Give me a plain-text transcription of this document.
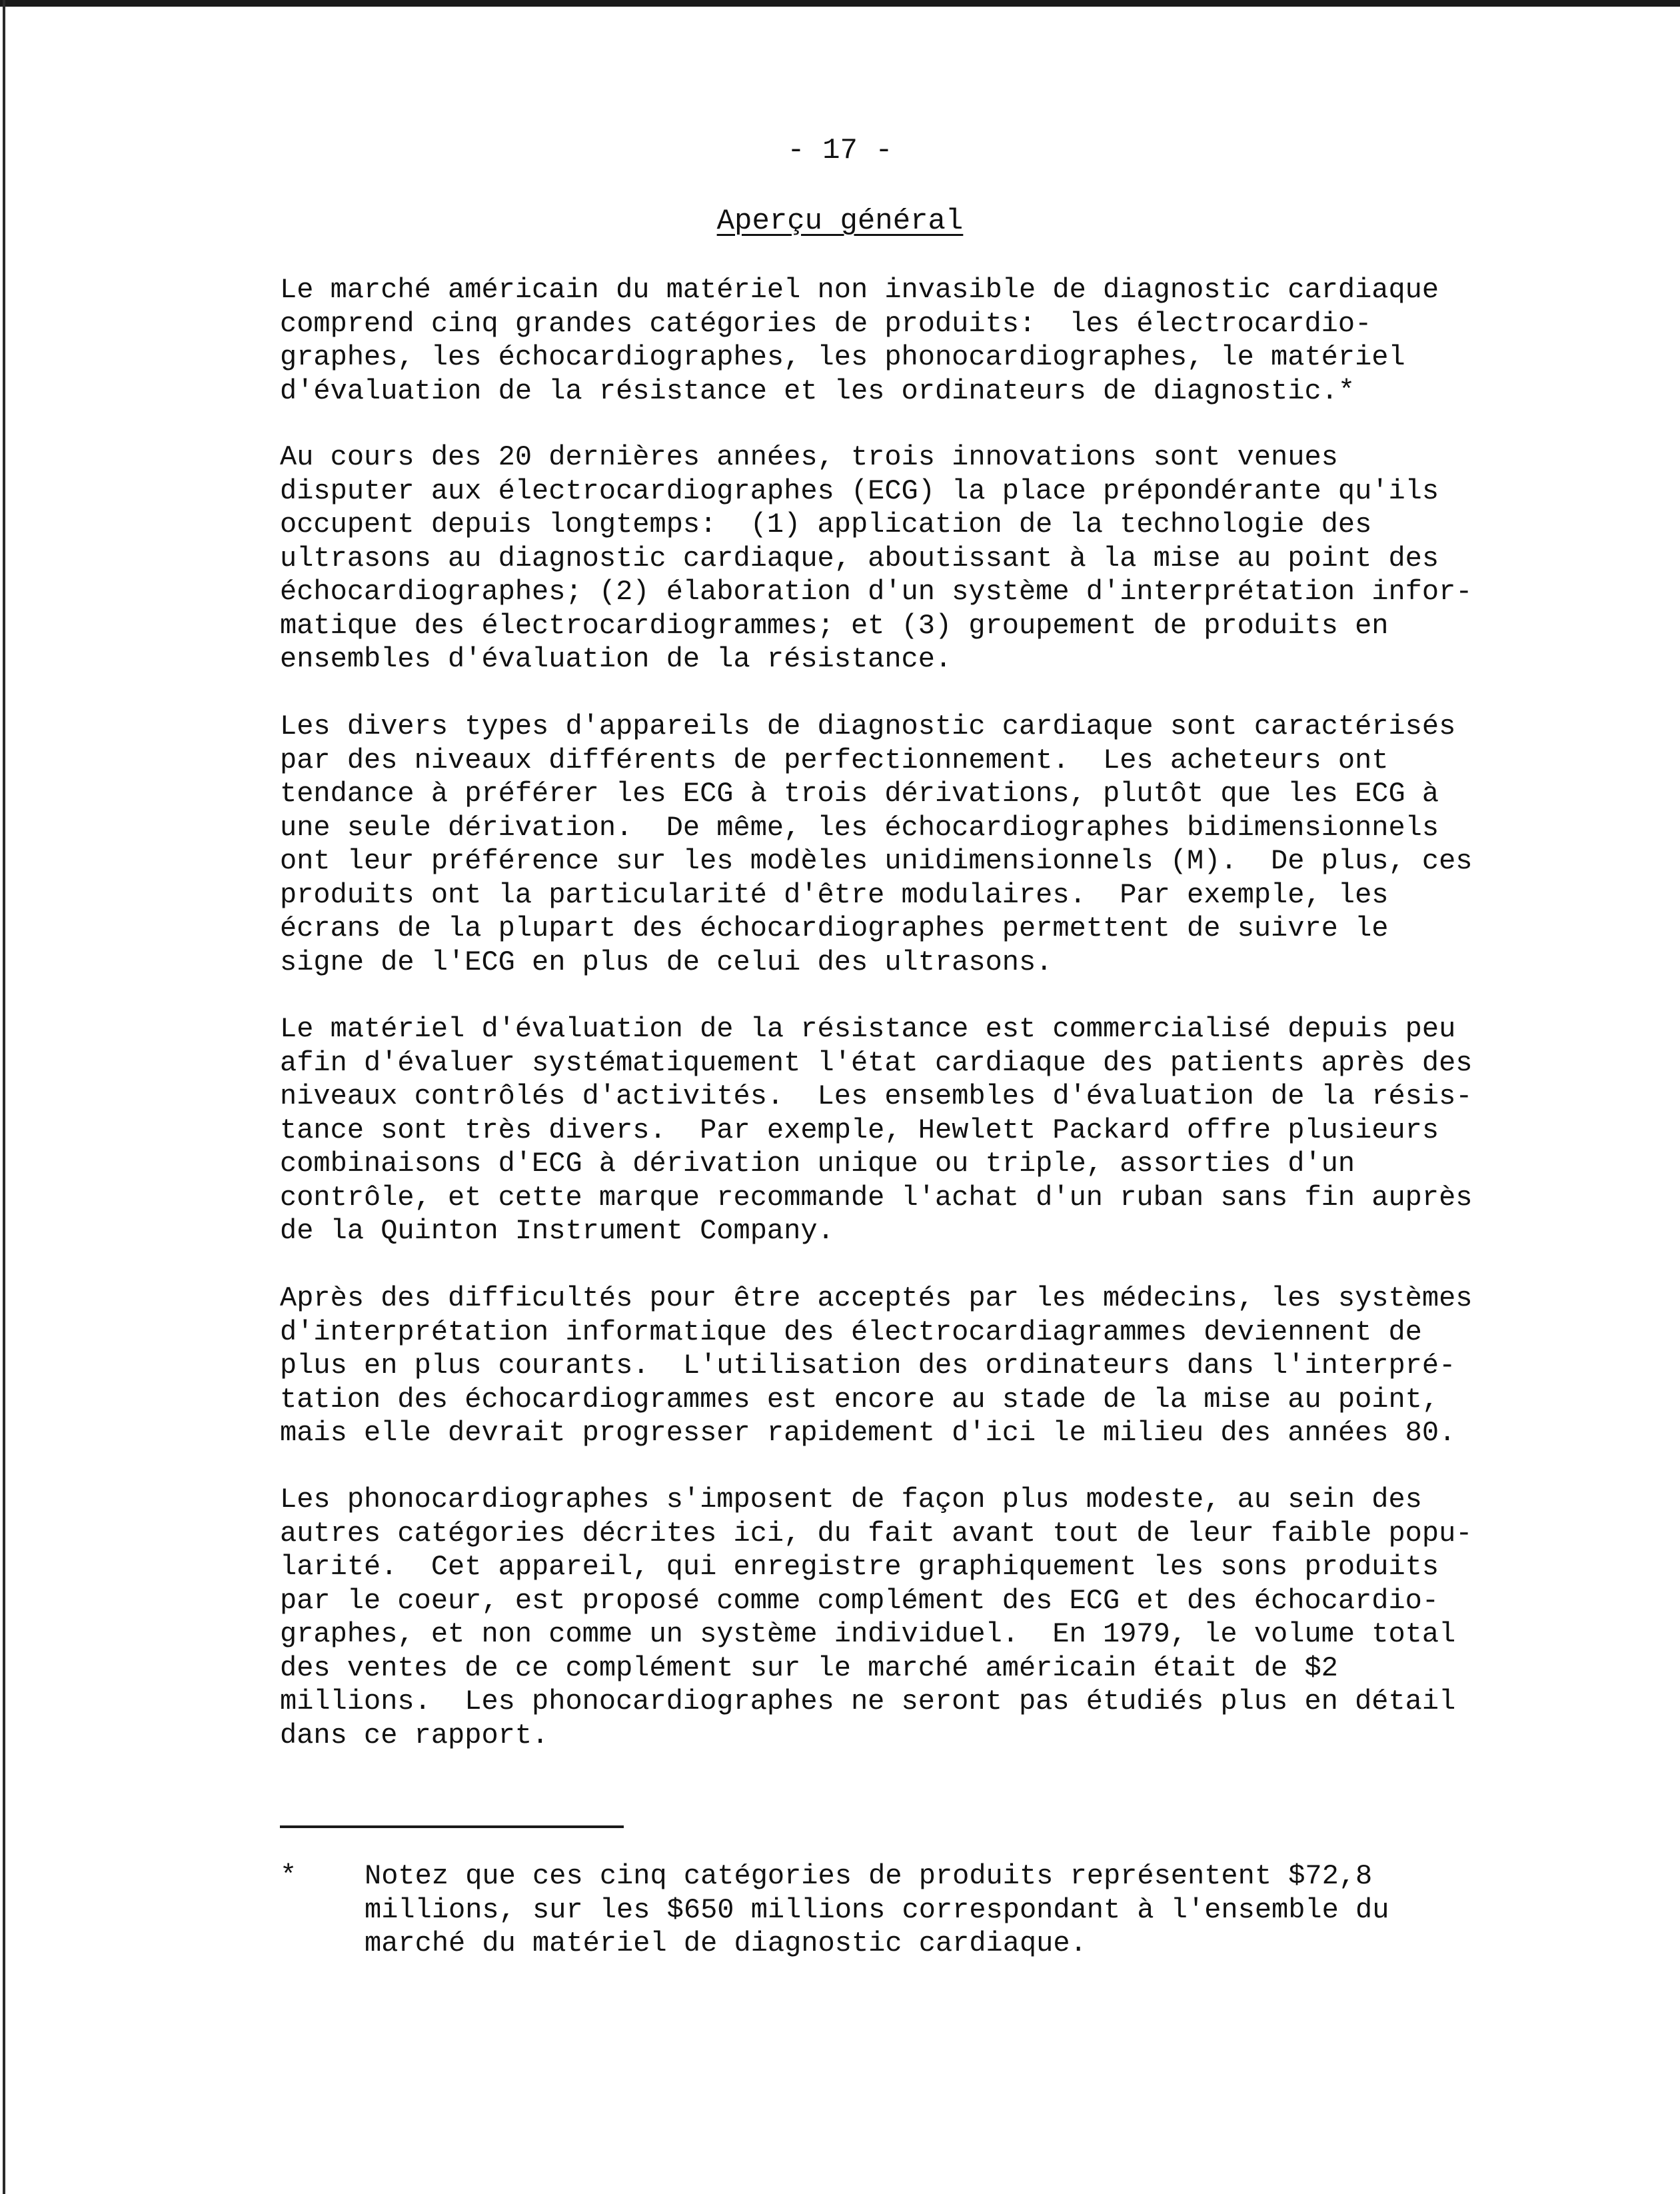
- 17 -
Aperçu général
Le marché américain du matériel non invasible de diagnostic cardiaque
comprend cinq grandes catégories de produits:  les électrocardio-
graphes, les échocardiographes, les phonocardiographes, le matériel
d'évaluation de la résistance et les ordinateurs de diagnostic.*
Au cours des 20 dernières années, trois innovations sont venues
disputer aux électrocardiographes (ECG) la place prépondérante qu'ils
occupent depuis longtemps:  (1) application de la technologie des
ultrasons au diagnostic cardiaque, aboutissant à la mise au point des
échocardiographes; (2) élaboration d'un système d'interprétation infor-
matique des électrocardiogrammes; et (3) groupement de produits en
ensembles d'évaluation de la résistance.
Les divers types d'appareils de diagnostic cardiaque sont caractérisés
par des niveaux différents de perfectionnement.  Les acheteurs ont
tendance à préférer les ECG à trois dérivations, plutôt que les ECG à
une seule dérivation.  De même, les échocardiographes bidimensionnels
ont leur préférence sur les modèles unidimensionnels (M).  De plus, ces
produits ont la particularité d'être modulaires.  Par exemple, les
écrans de la plupart des échocardiographes permettent de suivre le
signe de l'ECG en plus de celui des ultrasons.
Le matériel d'évaluation de la résistance est commercialisé depuis peu
afin d'évaluer systématiquement l'état cardiaque des patients après des
niveaux contrôlés d'activités.  Les ensembles d'évaluation de la résis-
tance sont très divers.  Par exemple, Hewlett Packard offre plusieurs
combinaisons d'ECG à dérivation unique ou triple, assorties d'un
contrôle, et cette marque recommande l'achat d'un ruban sans fin auprès
de la Quinton Instrument Company.
Après des difficultés pour être acceptés par les médecins, les systèmes
d'interprétation informatique des électrocardiagrammes deviennent de
plus en plus courants.  L'utilisation des ordinateurs dans l'interpré-
tation des échocardiogrammes est encore au stade de la mise au point,
mais elle devrait progresser rapidement d'ici le milieu des années 80.
Les phonocardiographes s'imposent de façon plus modeste, au sein des
autres catégories décrites ici, du fait avant tout de leur faible popu-
larité.  Cet appareil, qui enregistre graphiquement les sons produits
par le coeur, est proposé comme complément des ECG et des échocardio-
graphes, et non comme un système individuel.  En 1979, le volume total
des ventes de ce complément sur le marché américain était de $2
millions.  Les phonocardiographes ne seront pas étudiés plus en détail
dans ce rapport.
* Notez que ces cinq catégories de produits représentent $72,8
millions, sur les $650 millions correspondant à l'ensemble du
marché du matériel de diagnostic cardiaque.
